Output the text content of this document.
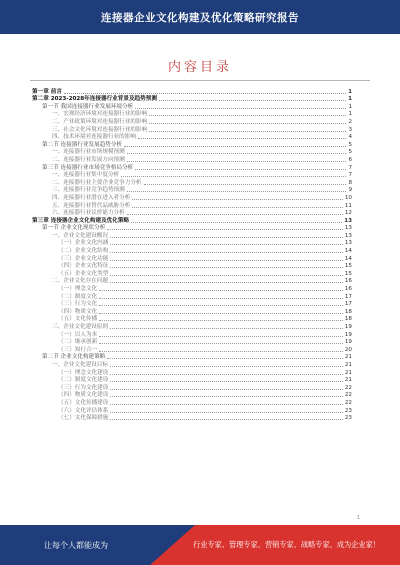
连接器企业文化构建及优化策略研究报告
内容目录
第一章 前言	1
第二章 2023-2028年连接器行业背景及趋势预测	1
第一节 我国连接器行业发展环境分析	1
一、宏观经济环境对连接器行业的影响	1
二、产业政策环境对连接器行业的影响	2
三、社会文化环境对连接器行业的影响	3
四、技术环境对连接器行业的影响	4
第二节 连接器行业发展趋势分析	5
一、连接器行业市场规模预测	5
二、连接器行业发展方向预测	6
第三节 连接器行业市场竞争格局分析	7
一、连接器行业集中度分析	7
二、连接器行业主要企业竞争力分析	8
三、连接器行业竞争趋势预测	9
四、连接器行业潜在进入者分析	10
五、连接器行业替代品威胁分析	11
六、连接器行业议价能力分析	12
第三章 连接器企业文化构建及优化策略	13
第一节 企业文化现状分析	13
一、企业文化建设概况	13
（一）企业文化内涵	13
（二）企业文化结构	14
（三）企业文化功能	14
（四）企业文化特征	15
（五）企业文化类型	15
二、企业文化存在问题	16
（一）理念文化	16
（二）制度文化	17
（三）行为文化	17
（四）物质文化	18
（五）文化传播	18
三、企业文化建设原则	19
（一）以人为本	19
（二）继承创新	19
（三）知行合一	20
第二节 企业文化构建策略	21
一、企业文化建设目标	21
（一）理念文化建设	21
（二）制度文化建设	21
（三）行为文化建设	22
（四）物质文化建设	22
（五）文化传播建设	22
（六）文化评估体系	23
（七）文化保障措施	23
1
让每个人都能成为	行业专家、管理专家、营销专家、战略专家、成为企业家！
